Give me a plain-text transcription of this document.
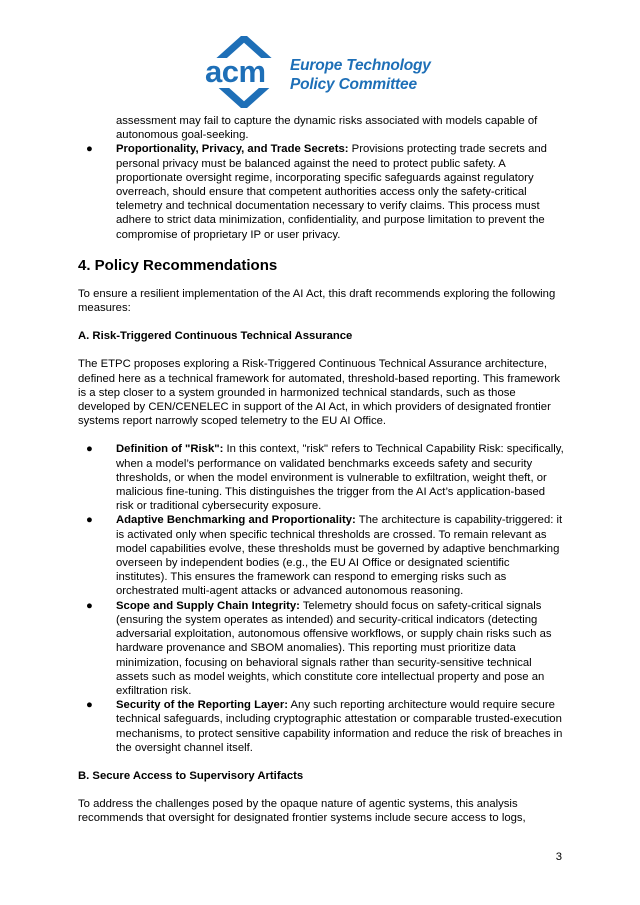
acm Europe Technology
Policy Committee

assessment may fail to capture the dynamic risks associated with models capable of autonomous goal-seeking.

● Proportionality, Privacy, and Trade Secrets: Provisions protecting trade secrets and personal privacy must be balanced against the need to protect public safety. A proportionate oversight regime, incorporating specific safeguards against regulatory overreach, should ensure that competent authorities access only the safety-critical telemetry and technical documentation necessary to verify claims. This process must adhere to strict data minimization, confidentiality, and purpose limitation to prevent the compromise of proprietary IP or user privacy.
4. Policy Recommendations

To ensure a resilient implementation of the AI Act, this draft recommends exploring the following measures:

A. Risk-Triggered Continuous Technical Assurance

The ETPC proposes exploring a Risk-Triggered Continuous Technical Assurance architecture, defined here as a technical framework for automated, threshold-based reporting. This framework is a step closer to a system grounded in harmonized technical standards, such as those developed by CEN/CENELEC in support of the AI Act, in which providers of designated frontier systems report narrowly scoped telemetry to the EU AI Office.

● Definition of "Risk": In this context, "risk" refers to Technical Capability Risk: specifically, when a model’s performance on validated benchmarks exceeds safety and security thresholds, or when the model environment is vulnerable to exfiltration, weight theft, or malicious fine-tuning. This distinguishes the trigger from the AI Act’s application-based risk or traditional cybersecurity exposure.
● Adaptive Benchmarking and Proportionality: The architecture is capability-triggered: it is activated only when specific technical thresholds are crossed. To remain relevant as model capabilities evolve, these thresholds must be governed by adaptive benchmarking overseen by independent bodies (e.g., the EU AI Office or designated scientific institutes). This ensures the framework can respond to emerging risks such as orchestrated multi-agent attacks or advanced autonomous reasoning.
● Scope and Supply Chain Integrity: Telemetry should focus on safety-critical signals (ensuring the system operates as intended) and security-critical indicators (detecting adversarial exploitation, autonomous offensive workflows, or supply chain risks such as hardware provenance and SBOM anomalies). This reporting must prioritize data minimization, focusing on behavioral signals rather than security-sensitive technical assets such as model weights, which constitute core intellectual property and pose an exfiltration risk.
● Security of the Reporting Layer: Any such reporting architecture would require secure technical safeguards, including cryptographic attestation or comparable trusted-execution mechanisms, to protect sensitive capability information and reduce the risk of breaches in the oversight channel itself.
B. Secure Access to Supervisory Artifacts

To address the challenges posed by the opaque nature of agentic systems, this analysis recommends that oversight for designated frontier systems include secure access to logs,

3
